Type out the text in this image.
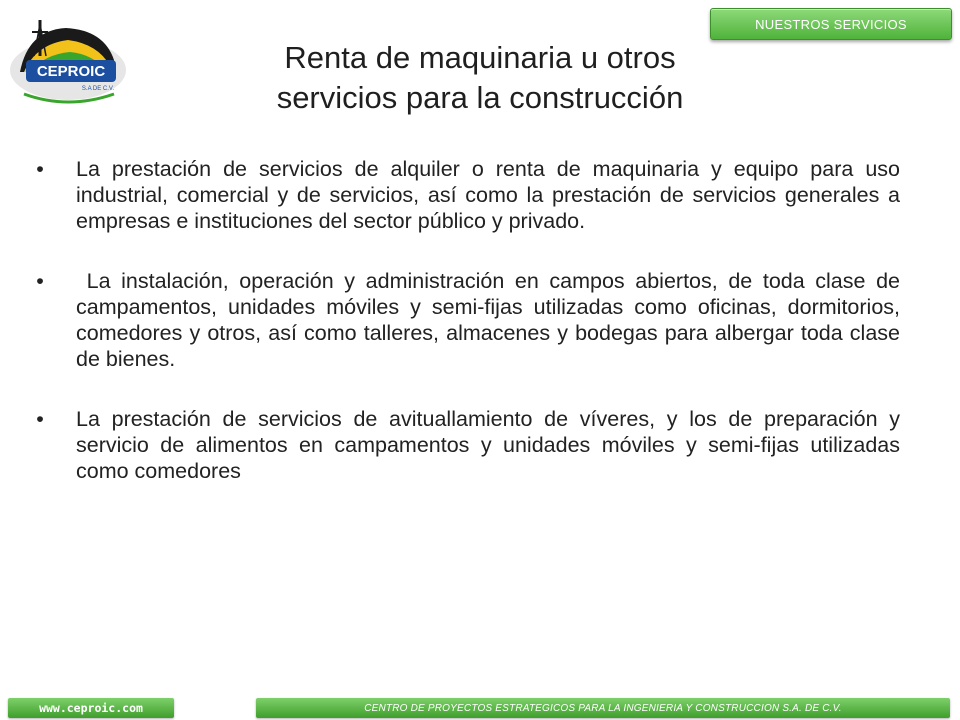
CEPROIC
S.A DE C.V.
NUESTROS SERVICIOS
Renta de maquinaria u otros
servicios para la construcción
• La prestación de servicios de alquiler o renta de maquinaria y equipo para uso industrial, comercial y de servicios, así como la prestación de servicios generales a empresas e instituciones del sector público y privado.
• La instalación, operación y administración en campos abiertos, de toda clase de campamentos, unidades móviles y semi-fijas utilizadas como oficinas, dormitorios, comedores y otros, así como talleres, almacenes y bodegas para albergar toda clase de bienes.
• La prestación de servicios de avituallamiento de víveres, y los de preparación y servicio de alimentos en campamentos y unidades móviles y semi-fijas utilizadas como comedores
www.ceproic.com	CENTRO DE PROYECTOS ESTRATEGICOS PARA LA INGENIERIA Y CONSTRUCCION S.A. DE C.V.
